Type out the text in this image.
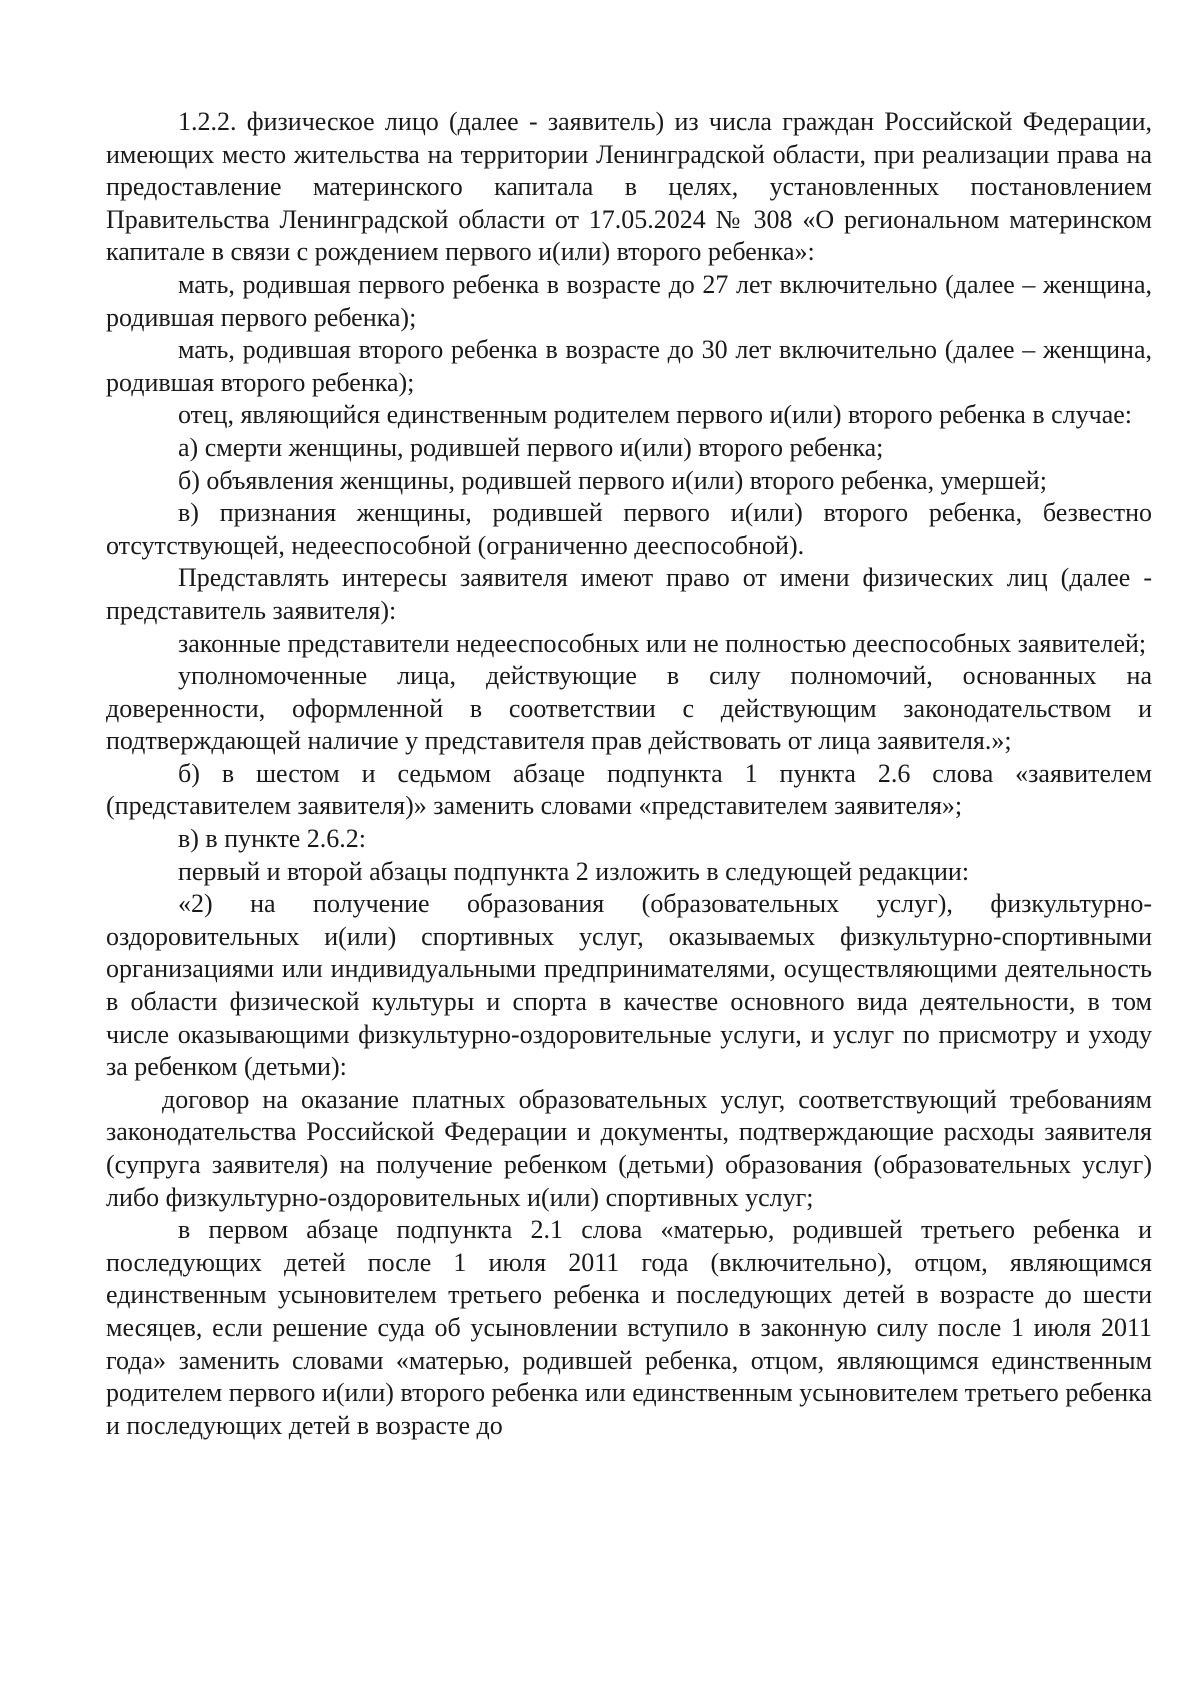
1.2.2. физическое лицо (далее - заявитель) из числа граждан Российской Федерации, имеющих место жительства на территории Ленинградской области, при реализации права на предоставление материнского капитала в целях, установленных постановлением Правительства Ленинградской области от 17.05.2024 № 308 «О региональном материнском капитале в связи с рождением первого и(или) второго ребенка»:

мать, родившая первого ребенка в возрасте до 27 лет включительно (далее – женщина, родившая первого ребенка);

мать, родившая второго ребенка в возрасте до 30 лет включительно (далее – женщина, родившая второго ребенка);

отец, являющийся единственным родителем первого и(или) второго ребенка в случае:

а) смерти женщины, родившей первого и(или) второго ребенка;

б) объявления женщины, родившей первого и(или) второго ребенка, умершей;

в) признания женщины, родившей первого и(или) второго ребенка, безвестно отсутствующей, недееспособной (ограниченно дееспособной).

Представлять интересы заявителя имеют право от имени физических лиц (далее - представитель заявителя):

законные представители недееспособных или не полностью дееспособных заявителей;

уполномоченные лица, действующие в силу полномочий, основанных на доверенности, оформленной в соответствии с действующим законодательством и подтверждающей наличие у представителя прав действовать от лица заявителя.»;

б) в шестом и седьмом абзаце подпункта 1 пункта 2.6 слова «заявителем (представителем заявителя)» заменить словами «представителем заявителя»;

в) в пункте 2.6.2:

первый и второй абзацы подпункта 2 изложить в следующей редакции:

«2) на получение образования (образовательных услуг), физкультурно-оздоровительных и(или) спортивных услуг, оказываемых физкультурно-спортивными организациями или индивидуальными предпринимателями, осуществляющими деятельность в области физической культуры и спорта в качестве основного вида деятельности, в том числе оказывающими физкультурно-оздоровительные услуги, и услуг по присмотру и уходу за ребенком (детьми):

договор на оказание платных образовательных услуг, соответствующий требованиям законодательства Российской Федерации и документы, подтверждающие расходы заявителя (супруга заявителя) на получение ребенком (детьми) образования (образовательных услуг) либо физкультурно-оздоровительных и(или) спортивных услуг;

в первом абзаце подпункта 2.1 слова «матерью, родившей третьего ребенка и последующих детей после 1 июля 2011 года (включительно), отцом, являющимся единственным усыновителем третьего ребенка и последующих детей в возрасте до шести месяцев, если решение суда об усыновлении вступило в законную силу после 1 июля 2011 года» заменить словами «матерью, родившей ребенка, отцом, являющимся единственным родителем первого и(или) второго ребенка или единственным усыновителем третьего ребенка и последующих детей в возрасте до
